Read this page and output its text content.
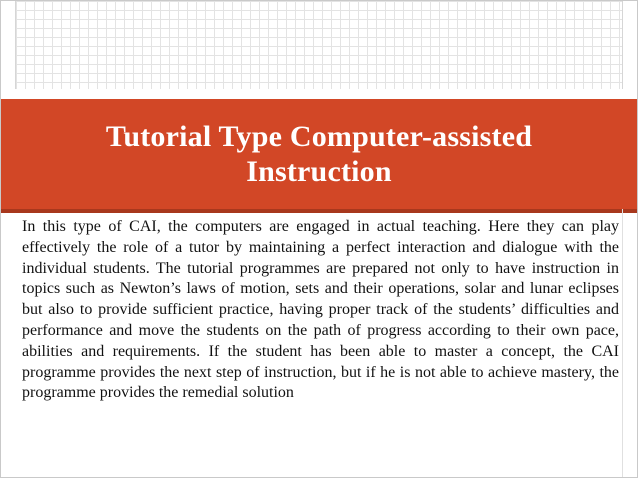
Tutorial Type Computer-assisted Instruction

In this type of CAI, the computers are engaged in actual teaching. Here they can play effectively the role of a tutor by maintaining a perfect interaction and dialogue with the individual students. The tutorial programmes are prepared not only to have instruction in topics such as Newton’s laws of motion, sets and their operations, solar and lunar eclipses but also to provide sufficient practice, having proper track of the students’ difficulties and performance and move the students on the path of progress according to their own pace, abilities and requirements. If the student has been able to master a concept, the CAI programme provides the next step of instruction, but if he is not able to achieve mastery, the programme provides the remedial solution
